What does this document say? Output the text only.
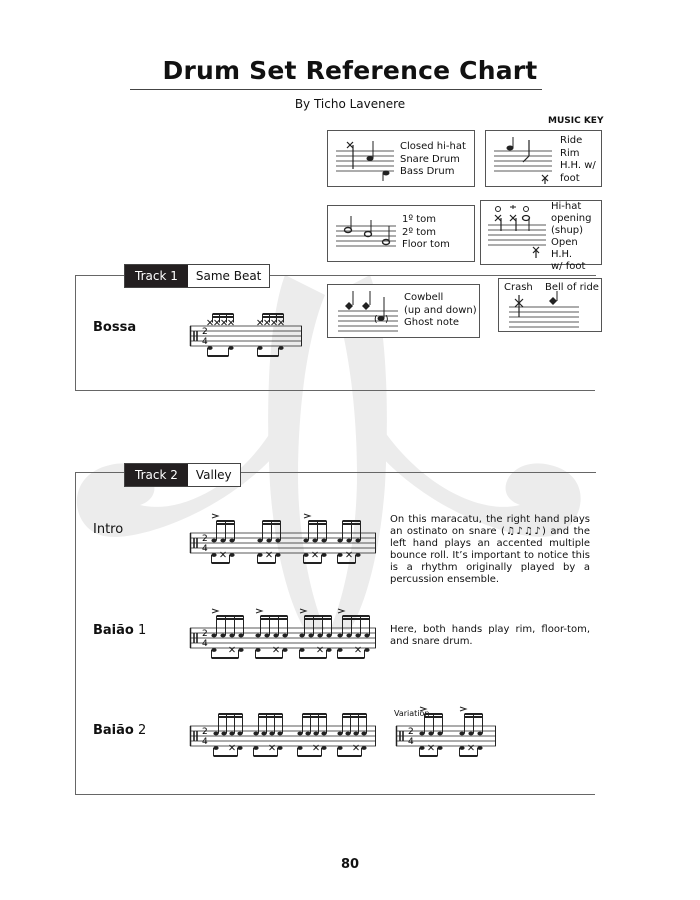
Drum Set Reference Chart
By Ticho Lavenere
MUSIC KEY
Closed hi-hat
Snare Drum
Bass Drum
Ride
Rim
H.H. w/
foot
1º tom
2º tom
Floor tom
Hi-hat
opening
(shup)
Open H.H.
w/ foot
( )
Cowbell
(up and down)
Ghost note
Crash Bell of ride
Track 1	Same Beat
Bossa	2
4
Track 2	Valley
Intro
2
4
On this maracatu, the right hand plays an ostinato on snare (♫♪♫♪) and the left hand plays an accented multiple bounce roll. It’s important to notice this is a rhythm originally played by a percussion ensemble.
Baião 1	2
4
Here, both hands play rim, floor-tom, and snare drum.
Baião 2	2
4
Variation
2
4
80
